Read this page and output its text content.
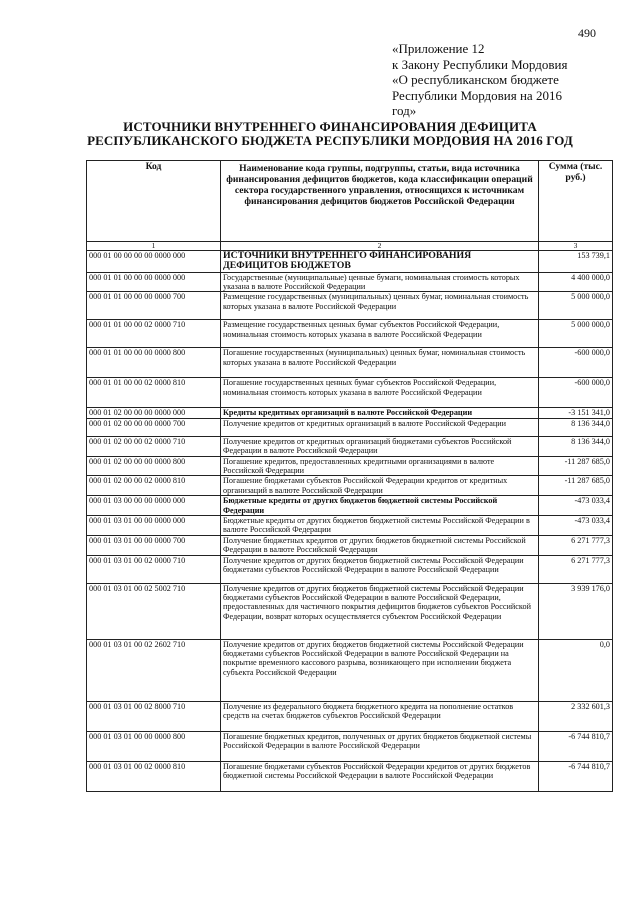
490
«Приложение 12
к Закону Республики Мордовия
«О республиканском бюджете
Республики Мордовия на 2016
год»
ИСТОЧНИКИ ВНУТРЕННЕГО ФИНАНСИРОВАНИЯ ДЕФИЦИТА
РЕСПУБЛИКАНСКОГО БЮДЖЕТА РЕСПУБЛИКИ МОРДОВИЯ НА 2016 ГОД
Код	Наименование кода группы, подгруппы, статьи, вида источника финансирования дефицитов бюджетов, кода классификации операций сектора государственного управления, относящихся к источникам финансирования дефицитов бюджетов Российской Федерации	Сумма (тыс. руб.)
1	2	3
000 01 00 00 00 00 0000 000	ИСТОЧНИКИ ВНУТРЕННЕГО ФИНАНСИРОВАНИЯ ДЕФИЦИТОВ БЮДЖЕТОВ	153 739,1
000 01 01 00 00 00 0000 000	Государственные (муниципальные) ценные бумаги, номинальная стоимость которых указана в валюте Российской Федерации	4 400 000,0
000 01 01 00 00 00 0000 700	Размещение государственных (муниципальных) ценных бумаг, номинальная стоимость которых указана в валюте Российской Федерации	5 000 000,0
000 01 01 00 00 02 0000 710	Размещение государственных ценных бумаг субъектов Российской Федерации, номинальная стоимость которых указана в валюте Российской Федерации	5 000 000,0
000 01 01 00 00 00 0000 800	Погашение государственных (муниципальных) ценных бумаг, номинальная стоимость которых указана в валюте Российской Федерации	-600 000,0
000 01 01 00 00 02 0000 810	Погашение государственных ценных бумаг субъектов Российской Федерации, номинальная стоимость которых указана в валюте Российской Федерации	-600 000,0
000 01 02 00 00 00 0000 000	Кредиты кредитных организаций в валюте Российской Федерации	-3 151 341,0
000 01 02 00 00 00 0000 700	Получение кредитов от кредитных организаций в валюте Российской Федерации	8 136 344,0
000 01 02 00 00 02 0000 710	Получение кредитов от кредитных организаций бюджетами субъектов Российской Федерации в валюте Российской Федерации	8 136 344,0
000 01 02 00 00 00 0000 800	Погашение кредитов, предоставленных кредитными организациями в валюте Российской Федерации	-11 287 685,0
000 01 02 00 00 02 0000 810	Погашение бюджетами субъектов Российской Федерации кредитов от кредитных организаций в валюте Российской Федерации	-11 287 685,0
000 01 03 00 00 00 0000 000	Бюджетные кредиты от других бюджетов бюджетной системы Российской Федерации	-473 033,4
000 01 03 01 00 00 0000 000	Бюджетные кредиты от других бюджетов бюджетной системы Российской Федерации в валюте Российской Федерации	-473 033,4
000 01 03 01 00 00 0000 700	Получение бюджетных кредитов от других бюджетов бюджетной системы Российской Федерации в валюте Российской Федерации	6 271 777,3
000 01 03 01 00 02 0000 710	Получение кредитов от других бюджетов бюджетной системы Российской Федерации бюджетами субъектов Российской Федерации в валюте Российской Федерации	6 271 777,3
000 01 03 01 00 02 5002 710	Получение кредитов от других бюджетов бюджетной системы Российской Федерации бюджетами субъектов Российской Федерации в валюте Российской Федерации, предоставленных для частичного покрытия дефицитов бюджетов субъектов Российской Федерации, возврат которых осуществляется субъектом Российской Федерации	3 939 176,0
000 01 03 01 00 02 2602 710	Получение кредитов от других бюджетов бюджетной системы Российской Федерации бюджетами субъектов Российской Федерации в валюте Российской Федерации на покрытие временного кассового разрыва, возникающего при исполнении бюджета субъекта Российской Федерации	0,0
000 01 03 01 00 02 8000 710	Получение из федерального бюджета бюджетного кредита на пополнение остатков средств на счетах бюджетов субъектов Российской Федерации	2 332 601,3
000 01 03 01 00 00 0000 800	Погашение бюджетных кредитов, полученных от других бюджетов бюджетной системы Российской Федерации в валюте Российской Федерации	-6 744 810,7
000 01 03 01 00 02 0000 810	Погашение бюджетами субъектов Российской Федерации кредитов от других бюджетов бюджетной системы Российской Федерации в валюте Российской Федерации	-6 744 810,7
